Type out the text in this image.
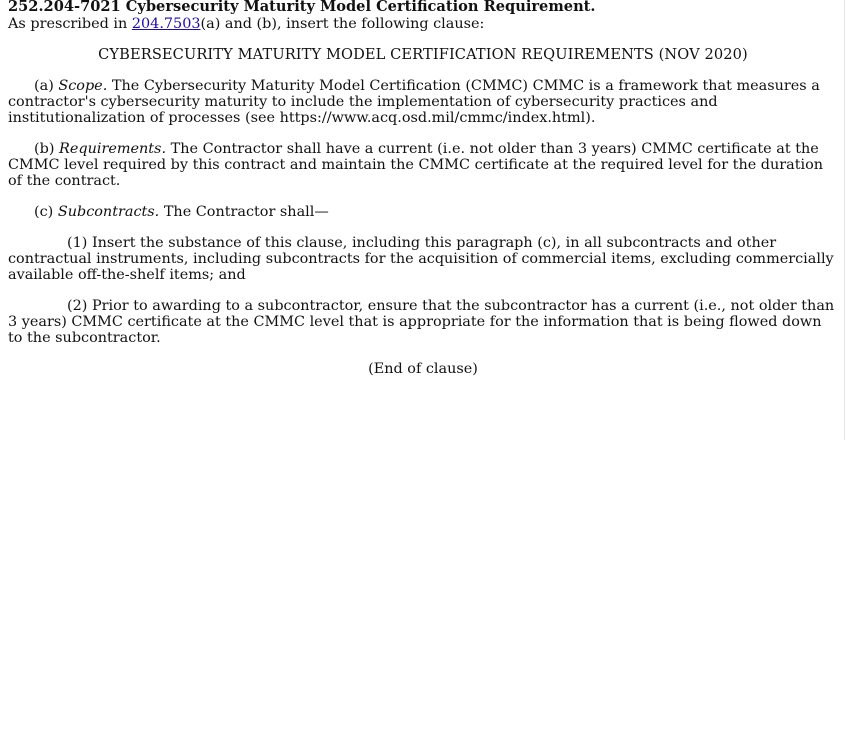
252.204-7021 Cybersecurity Maturity Model Certification Requirement.

As prescribed in 204.7503(a) and (b), insert the following clause:

CYBERSECURITY MATURITY MODEL CERTIFICATION REQUIREMENTS (NOV 2020)

(a) Scope. The Cybersecurity Maturity Model Certification (CMMC) CMMC is a framework that measures a contractor's cybersecurity maturity to include the implementation of cybersecurity practices and institutionalization of processes (see https://www.acq.osd.mil/cmmc/index.html).

(b) Requirements. The Contractor shall have a current (i.e. not older than 3 years) CMMC certificate at the CMMC level required by this contract and maintain the CMMC certificate at the required level for the duration of the contract.

(c) Subcontracts. The Contractor shall—

(1) Insert the substance of this clause, including this paragraph (c), in all subcontracts and other contractual instruments, including subcontracts for the acquisition of commercial items, excluding commercially available off-the-shelf items; and

(2) Prior to awarding to a subcontractor, ensure that the subcontractor has a current (i.e., not older than 3 years) CMMC certificate at the CMMC level that is appropriate for the information that is being flowed down to the subcontractor.

(End of clause)
